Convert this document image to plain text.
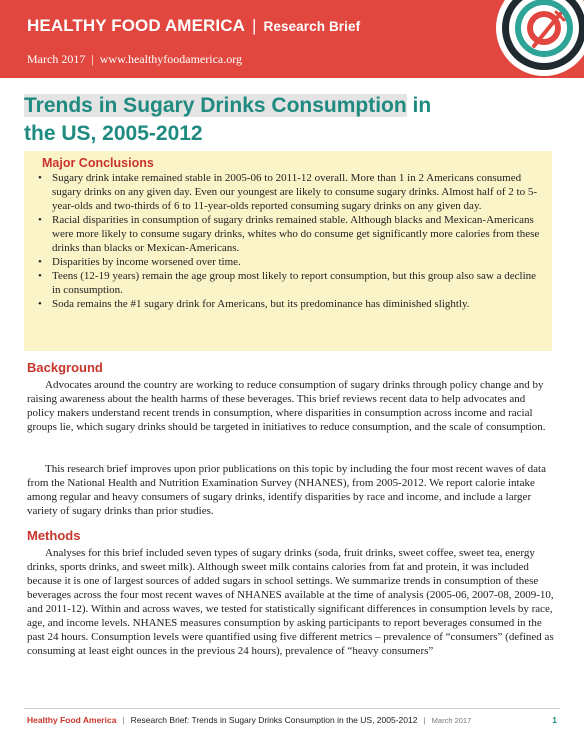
HEALTHY FOOD AMERICA | Research Brief
March 2017 | www.healthyfoodamerica.org
Trends in Sugary Drinks Consumption in
the US, 2005-2012
Major Conclusions
• Sugary drink intake remained stable in 2005-06 to 2011-12 overall. More than 1 in 2 Americans consumed sugary drinks on any given day. Even our youngest are likely to consume sugary drinks. Almost half of 2 to 5-year-olds and two-thirds of 6 to 11-year-olds reported consuming sugary drinks on any given day.
• Racial disparities in consumption of sugary drinks remained stable. Although blacks and Mexican-Americans were more likely to consume sugary drinks, whites who do consume get significantly more calories from these drinks than blacks or Mexican-Americans.
• Disparities by income worsened over time.
• Teens (12-19 years) remain the age group most likely to report consumption, but this group also saw a decline in consumption.
• Soda remains the #1 sugary drink for Americans, but its predominance has diminished slightly.
Background

Advocates around the country are working to reduce consumption of sugary drinks through policy change and by raising awareness about the health harms of these beverages. This brief reviews recent data to help advocates and policy makers understand recent trends in consumption, where disparities in consumption across income and racial groups lie, which sugary drinks should be targeted in initiatives to reduce consumption, and the scale of consumption.

This research brief improves upon prior publications on this topic by including the four most recent waves of data from the National Health and Nutrition Examination Survey (NHANES), from 2005-2012. We report calorie intake among regular and heavy consumers of sugary drinks, identify disparities by race and income, and include a larger variety of sugary drinks than prior studies.

Methods

Analyses for this brief included seven types of sugary drinks (soda, fruit drinks, sweet coffee, sweet tea, energy drinks, sports drinks, and sweet milk). Although sweet milk contains calories from fat and protein, it was included because it is one of largest sources of added sugars in school settings. We summarize trends in consumption of these beverages across the four most recent waves of NHANES available at the time of analysis (2005-06, 2007-08, 2009-10, and 2011-12). Within and across waves, we tested for statistically significant differences in consumption levels by race, age, and income levels. NHANES measures consumption by asking participants to report beverages consumed in the past 24 hours. Consumption levels were quantified using five different metrics – prevalence of “consumers” (defined as consuming at least eight ounces in the previous 24 hours), prevalence of “heavy consumers”

Healthy Food America | Research Brief: Trends in Sugary Drinks Consumption in the US, 2005-2012 | March 2017	1
